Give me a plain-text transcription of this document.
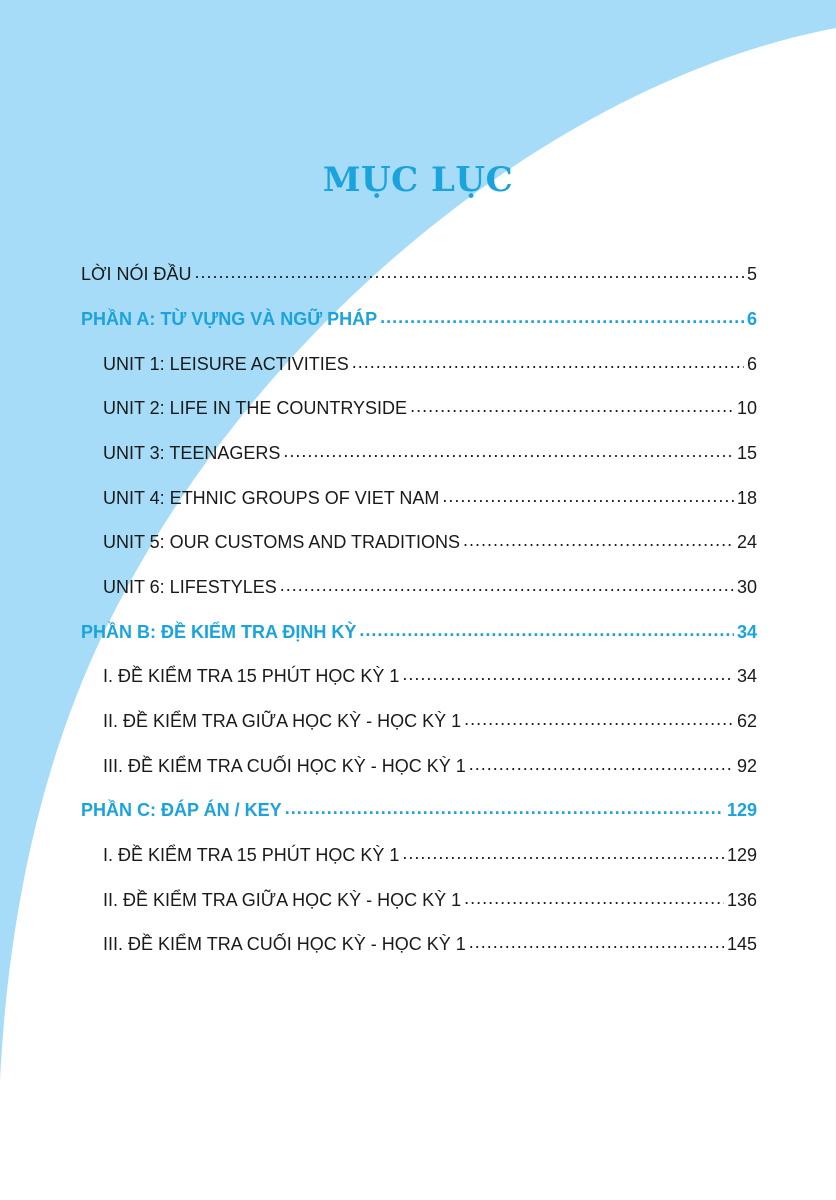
MỤC LỤC
LỜI NÓI ĐẦU .....	5
PHẦN A: TỪ VỰNG VÀ NGỮ PHÁP .....	6
UNIT 1: LEISURE ACTIVITIES .....	6
UNIT 2: LIFE IN THE COUNTRYSIDE .....	10
UNIT 3: TEENAGERS .....	15
UNIT 4: ETHNIC GROUPS OF VIET NAM .....	18
UNIT 5: OUR CUSTOMS AND TRADITIONS .....	24
UNIT 6: LIFESTYLES .....	30
PHẦN B: ĐỀ KIỂM TRA ĐỊNH KỲ .....	34
I. ĐỀ KIỂM TRA 15 PHÚT HỌC KỲ 1 .....	34
II. ĐỀ KIỂM TRA GIỮA HỌC KỲ - HỌC KỲ 1 .....	62
III. ĐỀ KIỂM TRA CUỐI HỌC KỲ - HỌC KỲ 1 .....	92
PHẦN C: ĐÁP ÁN / KEY .....	129
I. ĐỀ KIỂM TRA 15 PHÚT HỌC KỲ 1 .....	129
II. ĐỀ KIỂM TRA GIỮA HỌC KỲ - HỌC KỲ 1 .....	136
III. ĐỀ KIỂM TRA CUỐI HỌC KỲ - HỌC KỲ 1 .....	145
